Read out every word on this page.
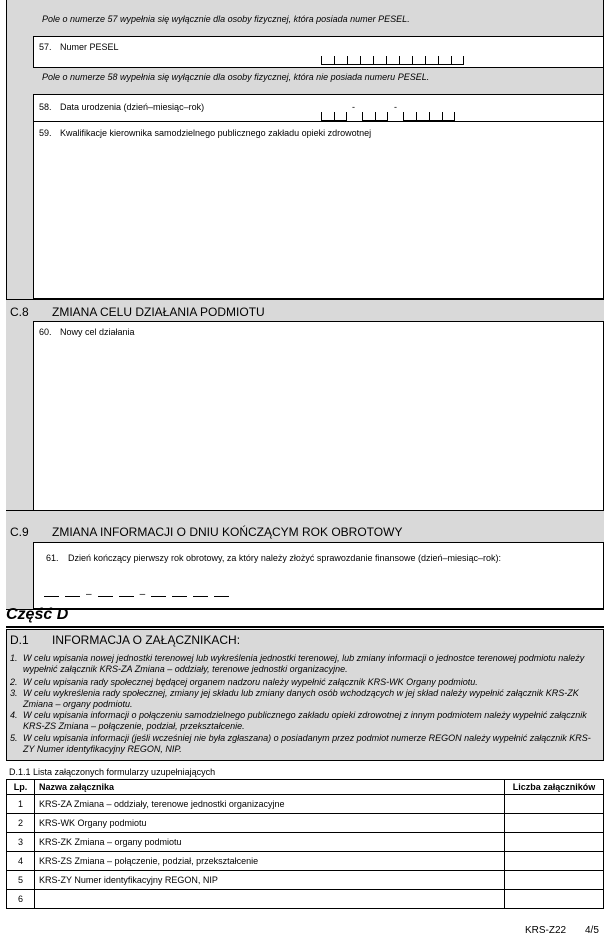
Pole o numerze 57 wypełnia się wyłącznie dla osoby fizycznej, która posiada numer PESEL.
57. Numer PESEL
Pole o numerze 58 wypełnia się wyłącznie dla osoby fizycznej, która nie posiada numeru PESEL.
58. Data urodzenia (dzień–miesiąc–rok)	-	-
59. Kwalifikacje kierownika samodzielnego publicznego zakładu opieki zdrowotnej
C.8 ZMIANA CELU DZIAŁANIA PODMIOTU
60. Nowy cel działania
C.9 ZMIANA INFORMACJI O DNIU KOŃCZĄCYM ROK OBROTOWY
61. Dzień kończący pierwszy rok obrotowy, za który należy złożyć sprawozdanie finansowe (dzień–miesiąc–rok):
–	–
Część D
D.1 INFORMACJA O ZAŁĄCZNIKACH:
1. W celu wpisania nowej jednostki terenowej lub wykreślenia jednostki terenowej, lub zmiany informacji o jednostce terenowej podmiotu należy wypełnić załącznik KRS-ZA Zmiana – oddziały, terenowe jednostki organizacyjne.
2. W celu wpisania rady społecznej będącej organem nadzoru należy wypełnić załącznik KRS-WK Organy podmiotu.
3. W celu wykreślenia rady społecznej, zmiany jej składu lub zmiany danych osób wchodzących w jej skład należy wypełnić załącznik KRS-ZK Zmiana – organy podmiotu.
4. W celu wpisania informacji o połączeniu samodzielnego publicznego zakładu opieki zdrowotnej z innym podmiotem należy wypełnić załącznik KRS-ZS Zmiana – połączenie, podział, przekształcenie.
5. W celu wpisania informacji (jeśli wcześniej nie była zgłaszana) o posiadanym przez podmiot numerze REGON należy wypełnić załącznik KRS-ZY Numer identyfikacyjny REGON, NIP.
D.1.1 Lista załączonych formularzy uzupełniających
Lp.	Nazwa załącznika	Liczba załączników
1	KRS-ZA Zmiana – oddziały, terenowe jednostki organizacyjne	
2	KRS-WK Organy podmiotu	
3	KRS-ZK Zmiana – organy podmiotu	
4	KRS-ZS Zmiana – połączenie, podział, przekształcenie	
5	KRS-ZY Numer identyfikacyjny REGON, NIP	
6		
KRS-Z22 4/5
